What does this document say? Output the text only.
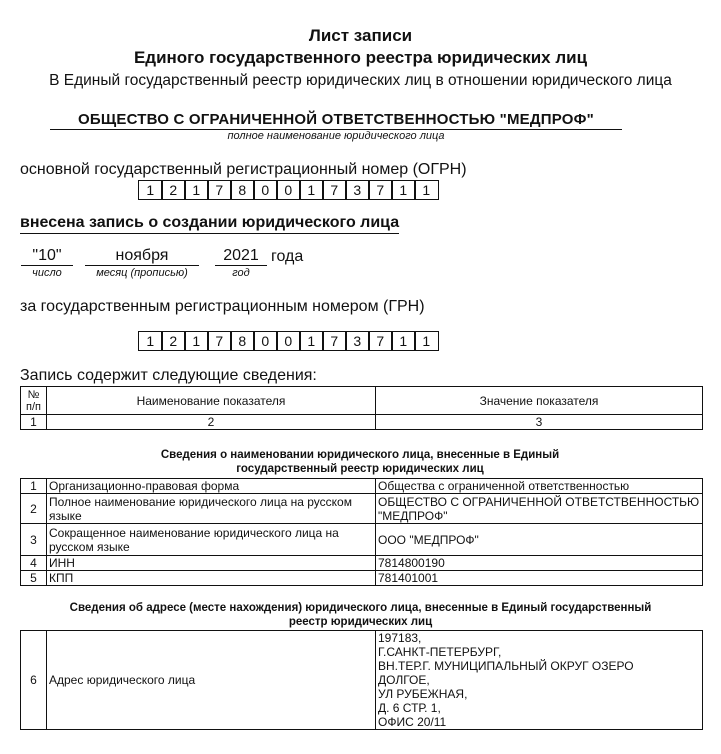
Лист записи
Единого государственного реестра юридических лиц
В Единый государственный реестр юридических лиц в отношении юридического лица
ОБЩЕСТВО С ОГРАНИЧЕННОЙ ОТВЕТСТВЕННОСТЬЮ "МЕДПРОФ"
полное наименование юридического лица
основной государственный регистрационный номер (ОГРН)
1	2	1	7	8	0	0	1	7	3	7	1	1
внесена запись о создании юридического лица
"10"
число
ноября
месяц (прописью)
2021 года
год
за государственным регистрационным номером (ГРН)
1	2	1	7	8	0	0	1	7	3	7	1	1
Запись содержит следующие сведения:
№ п/п	Наименование показателя	Значение показателя
1	2	3
Сведения о наименовании юридического лица, внесенные в Единый государственный реестр юридических лиц
1	Организационно-правовая форма	Общества с ограниченной ответственностью
2	Полное наименование юридического лица на русском языке	ОБЩЕСТВО С ОГРАНИЧЕННОЙ ОТВЕТСТВЕННОСТЬЮ "МЕДПРОФ"
3	Сокращенное наименование юридического лица на русском языке	ООО "МЕДПРОФ"
4	ИНН	7814800190
5	КПП	781401001
Сведения об адресе (месте нахождения) юридического лица, внесенные в Единый государственный реестр юридических лиц
6	Адрес юридического лица	
197183,
Г.САНКТ-ПЕТЕРБУРГ,
ВН.ТЕР.Г. МУНИЦИПАЛЬНЫЙ ОКРУГ ОЗЕРО
ДОЛГОЕ,
УЛ РУБЕЖНАЯ,
Д. 6 СТР. 1,
ОФИС 20/11
